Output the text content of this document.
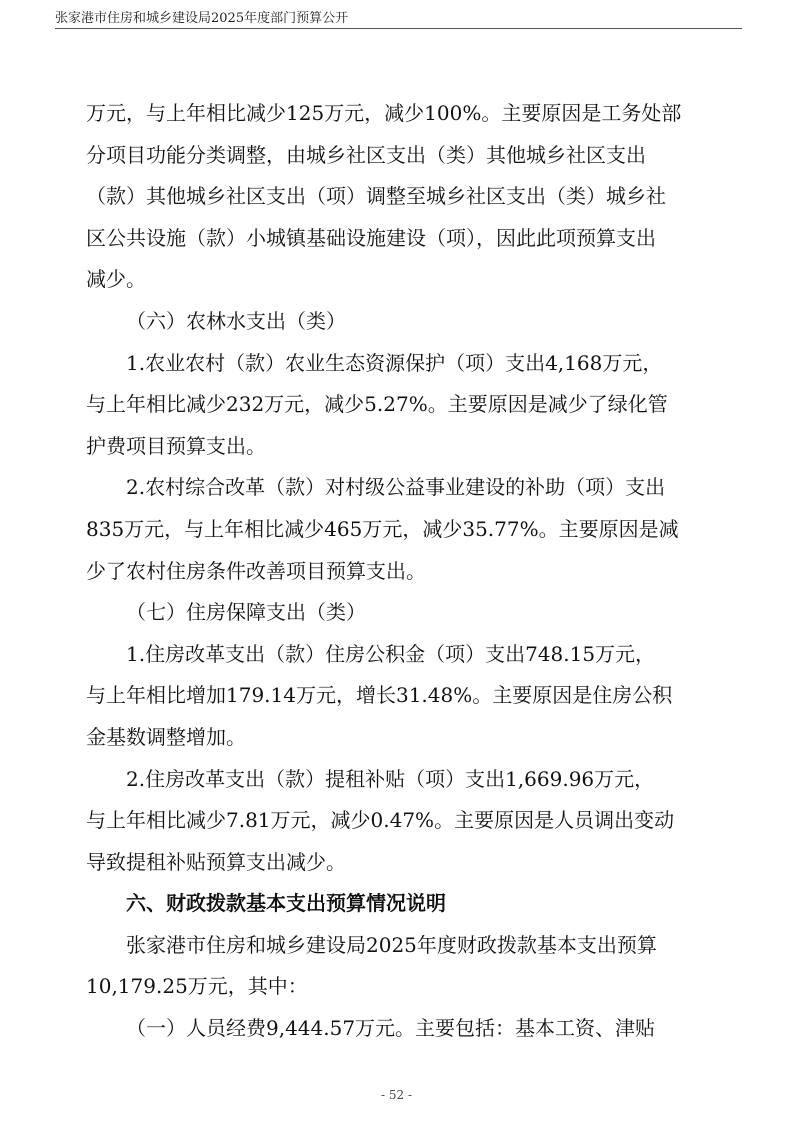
张家港市住房和城乡建设局2025年度部门预算公开
万元，与上年相比减少125万元，减少100%。主要原因是工务处部
分项目功能分类调整，由城乡社区支出（类）其他城乡社区支出
（款）其他城乡社区支出（项）调整至城乡社区支出（类）城乡社
区公共设施（款）小城镇基础设施建设（项），因此此项预算支出
减少。
（六）农林水支出（类）
1.农业农村（款）农业生态资源保护（项）支出4,168万元，
与上年相比减少232万元，减少5.27%。主要原因是减少了绿化管
护费项目预算支出。
2.农村综合改革（款）对村级公益事业建设的补助（项）支出
835万元，与上年相比减少465万元，减少35.77%。主要原因是减
少了农村住房条件改善项目预算支出。
（七）住房保障支出（类）
1.住房改革支出（款）住房公积金（项）支出748.15万元，
与上年相比增加179.14万元，增长31.48%。主要原因是住房公积
金基数调整增加。
2.住房改革支出（款）提租补贴（项）支出1,669.96万元，
与上年相比减少7.81万元，减少0.47%。主要原因是人员调出变动
导致提租补贴预算支出减少。
六、财政拨款基本支出预算情况说明
张家港市住房和城乡建设局2025年度财政拨款基本支出预算
10,179.25万元，其中：
（一）人员经费9,444.57万元。主要包括：基本工资、津贴
- 52 -
